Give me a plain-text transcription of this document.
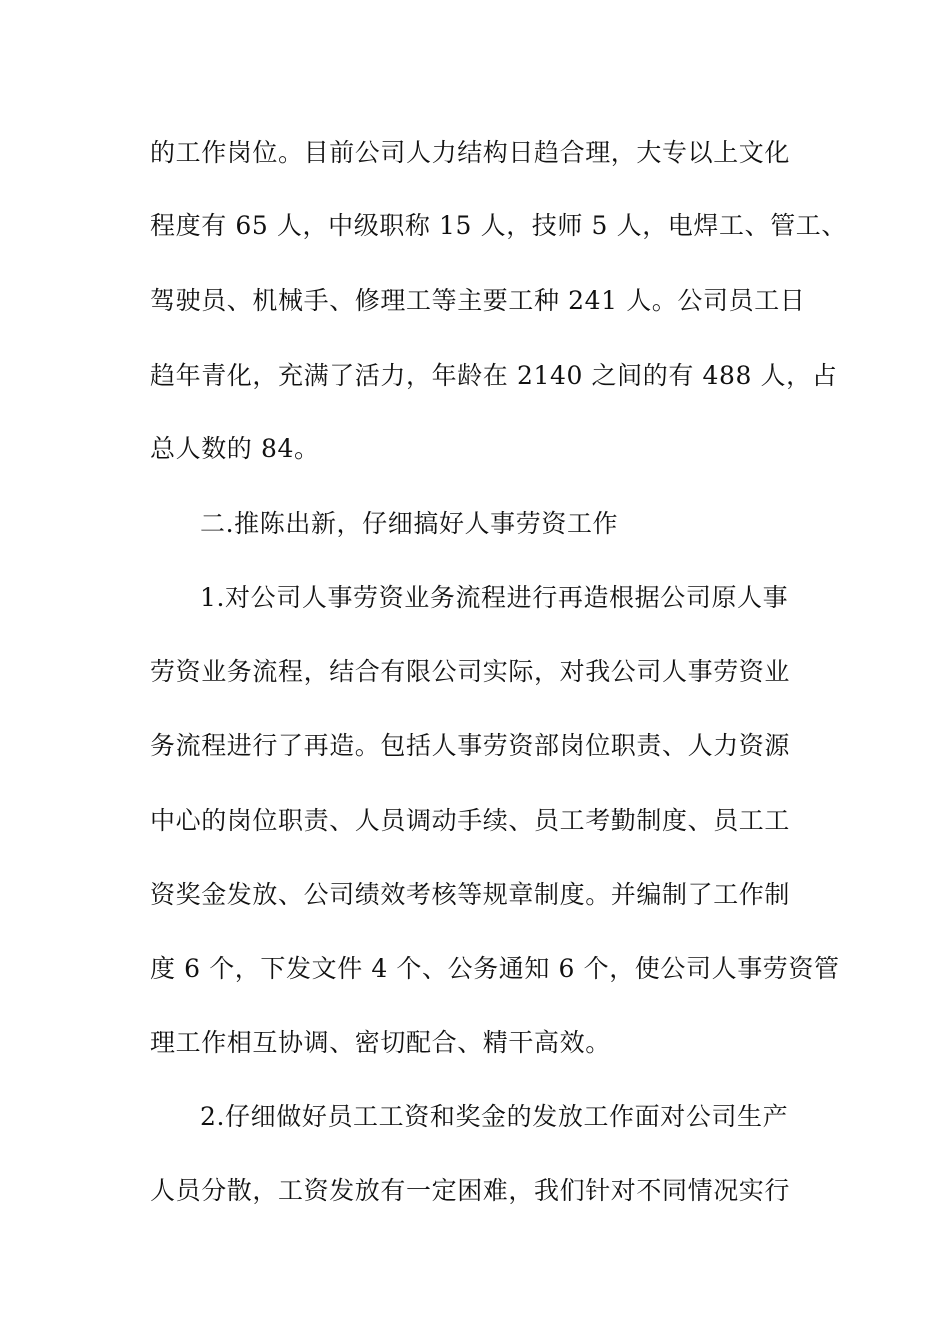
的工作岗位。目前公司人力结构日趋合理，大专以上文化
程度有 65 人，中级职称 15 人，技师 5 人，电焊工、管工、
驾驶员、机械手、修理工等主要工种 241 人。公司员工日
趋年青化，充满了活力，年龄在 2140 之间的有 488 人，占
总人数的 84。
二.推陈出新，仔细搞好人事劳资工作
1.对公司人事劳资业务流程进行再造根据公司原人事
劳资业务流程，结合有限公司实际，对我公司人事劳资业
务流程进行了再造。包括人事劳资部岗位职责、人力资源
中心的岗位职责、人员调动手续、员工考勤制度、员工工
资奖金发放、公司绩效考核等规章制度。并编制了工作制
度 6 个，下发文件 4 个、公务通知 6 个，使公司人事劳资管
理工作相互协调、密切配合、精干高效。
2.仔细做好员工工资和奖金的发放工作面对公司生产
人员分散，工资发放有一定困难，我们针对不同情况实行
